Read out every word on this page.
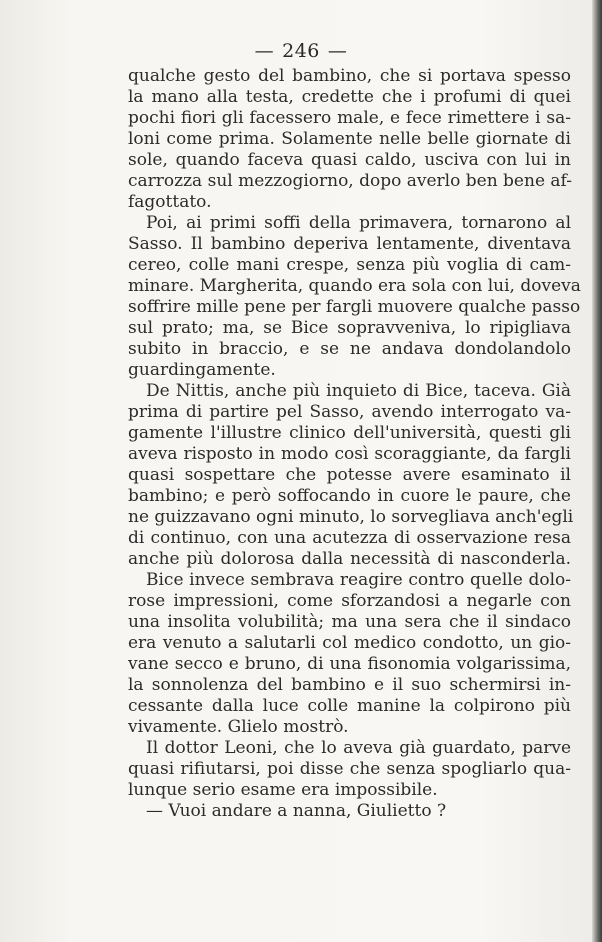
— 246 —
qualche gesto del bambino, che si portava spesso
la mano alla testa, credette che i profumi di quei
pochi fiori gli facessero male, e fece rimettere i sa-
loni come prima. Solamente nelle belle giornate di
sole, quando faceva quasi caldo, usciva con lui in
carrozza sul mezzogiorno, dopo averlo ben bene af-
fagottato.
Poi, ai primi soffi della primavera, tornarono al
Sasso. Il bambino deperiva lentamente, diventava
cereo, colle mani crespe, senza più voglia di cam-
minare. Margherita, quando era sola con lui, doveva
soffrire mille pene per fargli muovere qualche passo
sul prato; ma, se Bice sopravveniva, lo ripigliava
subito in braccio, e se ne andava dondolandolo
guardingamente.
De Nittis, anche più inquieto di Bice, taceva. Già
prima di partire pel Sasso, avendo interrogato va-
gamente l'illustre clinico dell'università, questi gli
aveva risposto in modo così scoraggiante, da fargli
quasi sospettare che potesse avere esaminato il
bambino; e però soffocando in cuore le paure, che
ne guizzavano ogni minuto, lo sorvegliava anch'egli
di continuo, con una acutezza di osservazione resa
anche più dolorosa dalla necessità di nasconderla.
Bice invece sembrava reagire contro quelle dolo-
rose impressioni, come sforzandosi a negarle con
una insolita volubilità; ma una sera che il sindaco
era venuto a salutarli col medico condotto, un gio-
vane secco e bruno, di una fisonomia volgarissima,
la sonnolenza del bambino e il suo schermirsi in-
cessante dalla luce colle manine la colpirono più
vivamente. Glielo mostrò.
Il dottor Leoni, che lo aveva già guardato, parve
quasi rifiutarsi, poi disse che senza spogliarlo qua-
lunque serio esame era impossibile.
— Vuoi andare a nanna, Giulietto ?
